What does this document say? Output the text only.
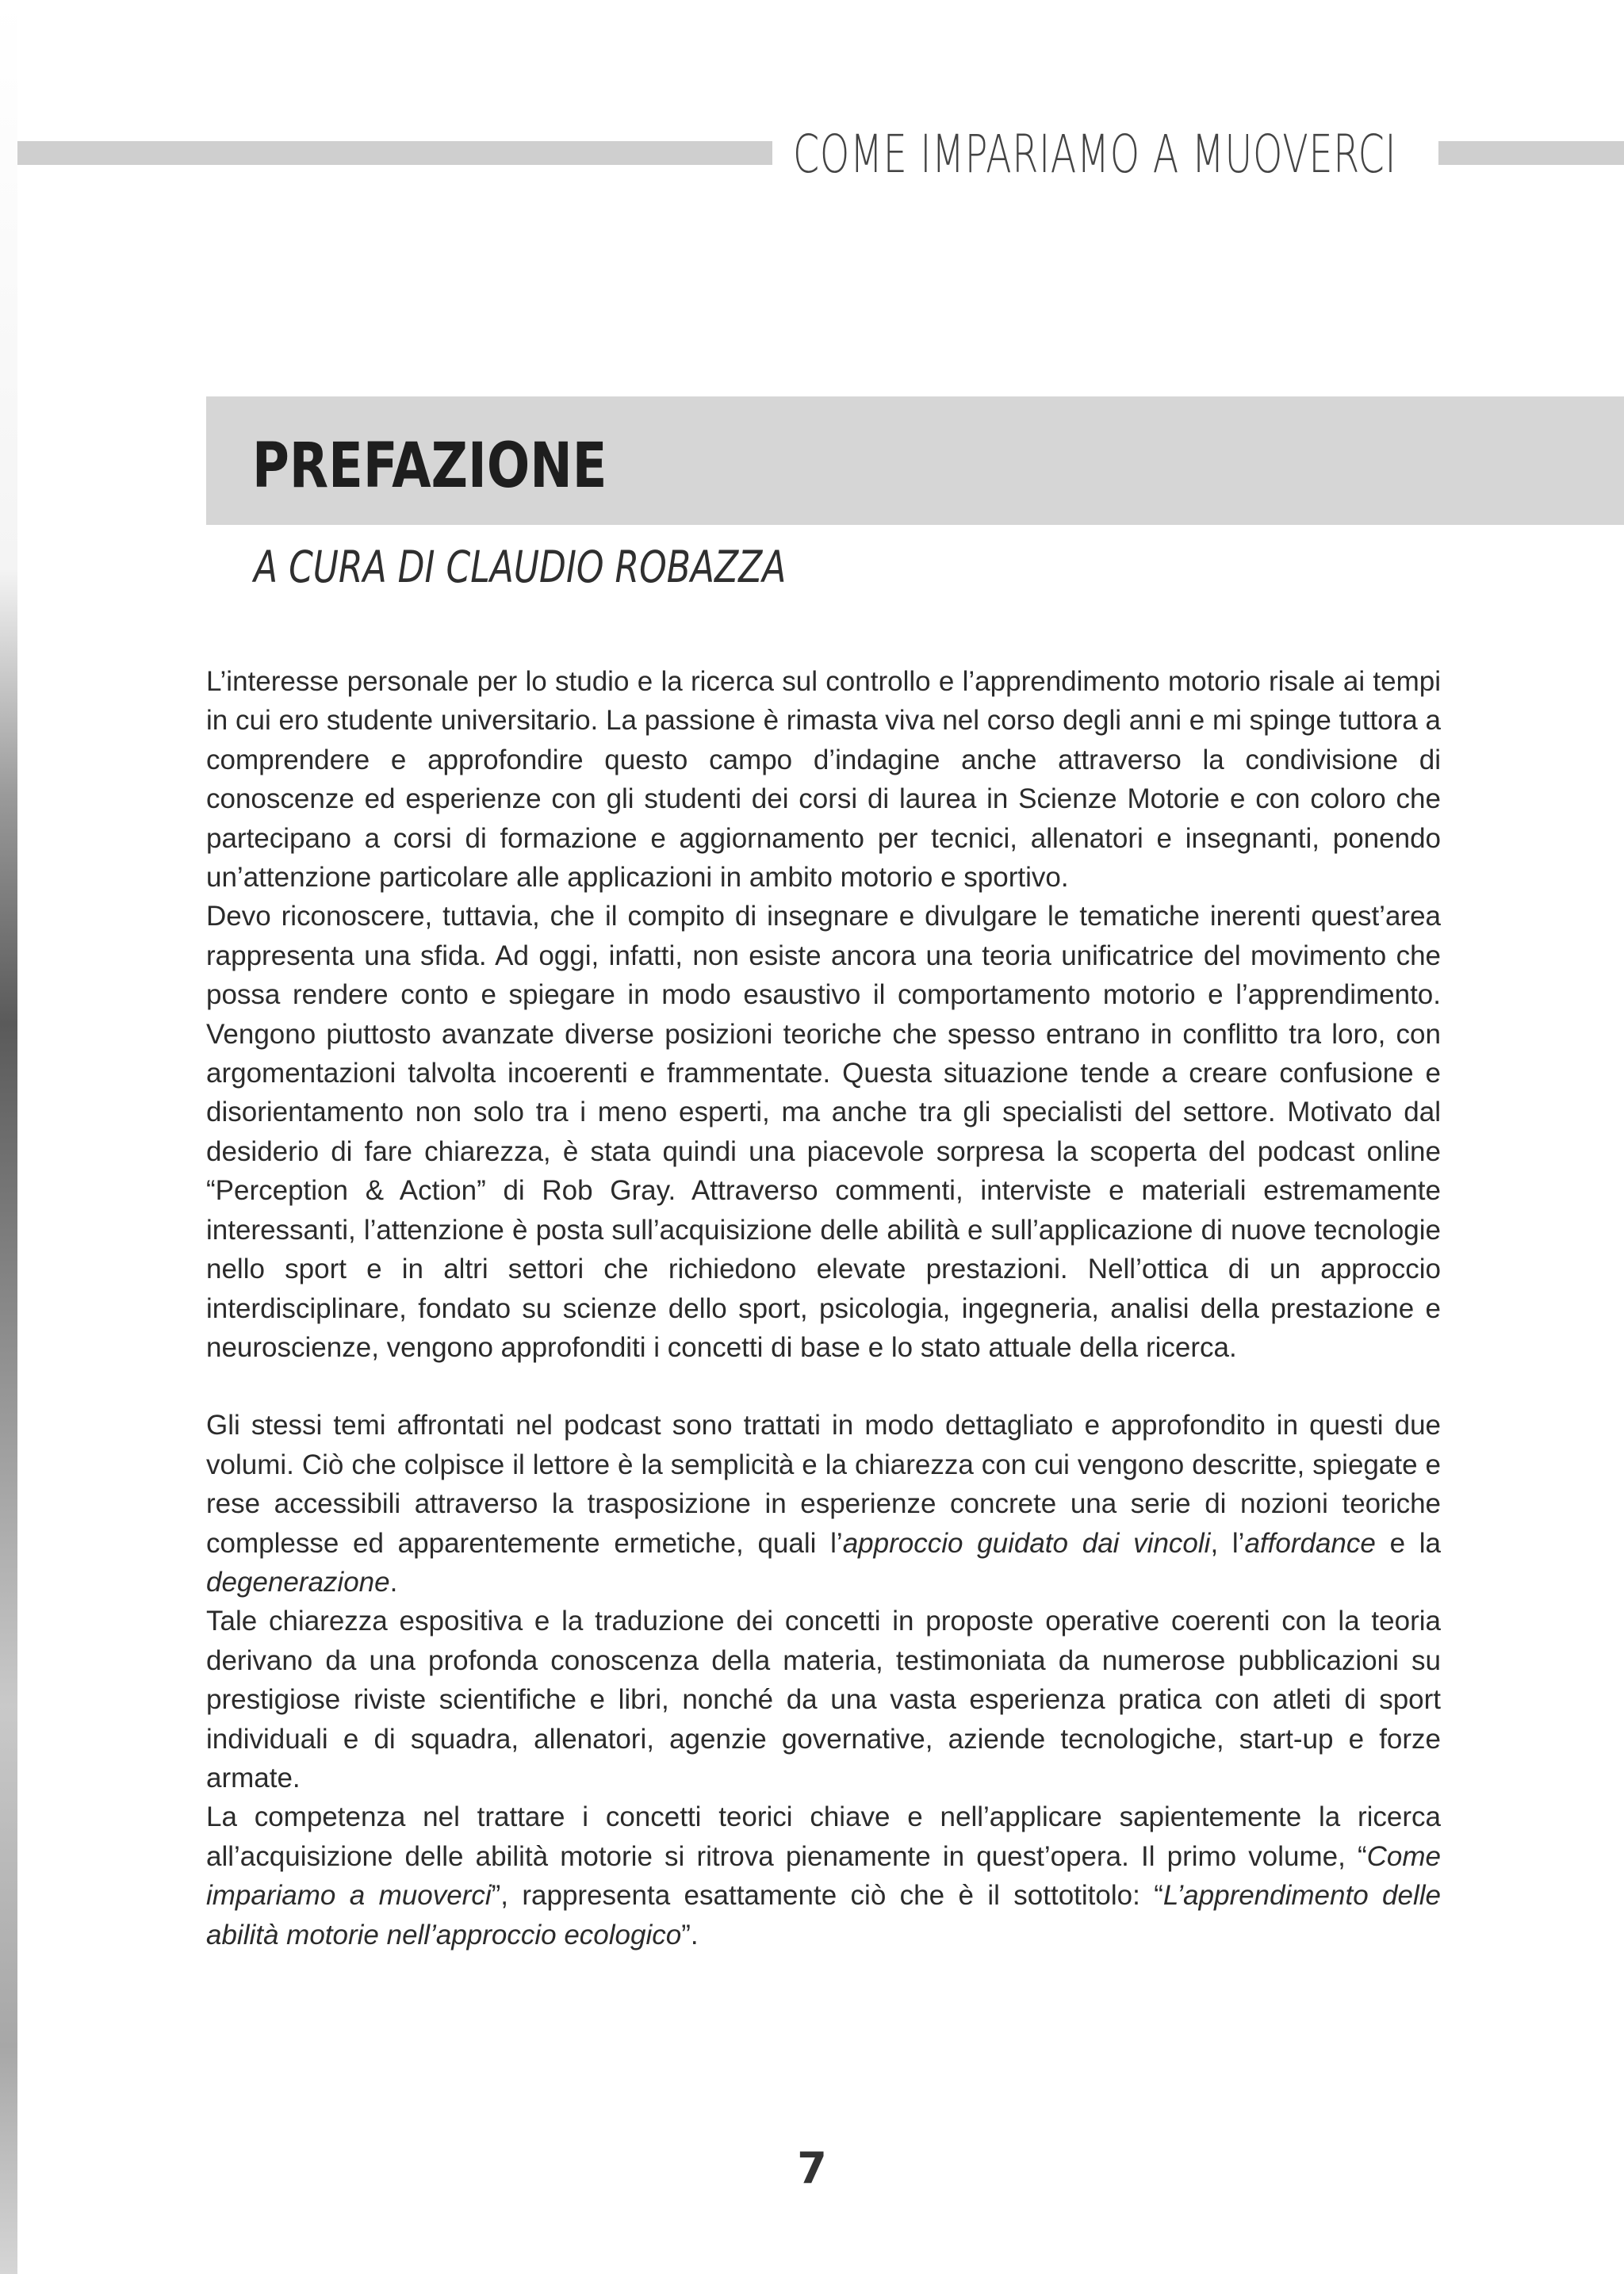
COME IMPARIAMO A MUOVERCI
PREFAZIONE
A CURA DI CLAUDIO ROBAZZA

L’interesse personale per lo studio e la ricerca sul controllo e l’apprendimento motorio risale ai tempi in cui ero studente universitario. La passione è rimasta viva nel corso degli anni e mi spinge tuttora a comprendere e approfondire questo campo d’indagine anche attraverso la condivisione di conoscenze ed esperienze con gli studenti dei corsi di laurea in Scienze Motorie e con coloro che partecipano a corsi di formazione e aggiornamento per tecnici, allenatori e insegnanti, ponendo un’attenzione particolare alle applicazioni in ambito motorio e sportivo.

Devo riconoscere, tuttavia, che il compito di insegnare e divulgare le tematiche inerenti quest’area rappresenta una sfida. Ad oggi, infatti, non esiste ancora una teoria unificatrice del movimento che possa rendere conto e spiegare in modo esaustivo il comportamento motorio e l’apprendimento. Vengono piuttosto avanzate diverse posizioni teoriche che spesso entrano in conflitto tra loro, con argomentazioni talvolta incoerenti e frammentate. Questa situazione tende a creare confusione e disorientamento non solo tra i meno esperti, ma anche tra gli specialisti del settore. Motivato dal desiderio di fare chiarezza, è stata quindi una piacevole sorpresa la scoperta del podcast online “Perception & Action” di Rob Gray. Attraverso commenti, interviste e materiali estremamente interessanti, l’attenzione è posta sull’acquisizione delle abilità e sull’applicazione di nuove tecnologie nello sport e in altri settori che richiedono elevate prestazioni. Nell’ottica di un approccio interdisciplinare, fondato su scienze dello sport, psicologia, ingegneria, analisi della prestazione e neuroscienze, vengono approfonditi i concetti di base e lo stato attuale della ricerca.

Gli stessi temi affrontati nel podcast sono trattati in modo dettagliato e approfondito in questi due volumi. Ciò che colpisce il lettore è la semplicità e la chiarezza con cui vengono descritte, spiegate e rese accessibili attraverso la trasposizione in esperienze concrete una serie di nozioni teoriche complesse ed apparentemente ermetiche, quali l’approccio guidato dai vincoli, l’affordance e la degenerazione.

Tale chiarezza espositiva e la traduzione dei concetti in proposte operative coerenti con la teoria derivano da una profonda conoscenza della materia, testimoniata da numerose pubblicazioni su prestigiose riviste scientifiche e libri, nonché da una vasta esperienza pratica con atleti di sport individuali e di squadra, allenatori, agenzie governative, aziende tecnologiche, start-up e forze armate.

La competenza nel trattare i concetti teorici chiave e nell’applicare sapientemente la ricerca all’acquisizione delle abilità motorie si ritrova pienamente in quest’opera. Il primo volume, “Come impariamo a muoverci”, rappresenta esattamente ciò che è il sottotitolo: “L’apprendimento delle abilità motorie nell’approccio ecologico”.

7
